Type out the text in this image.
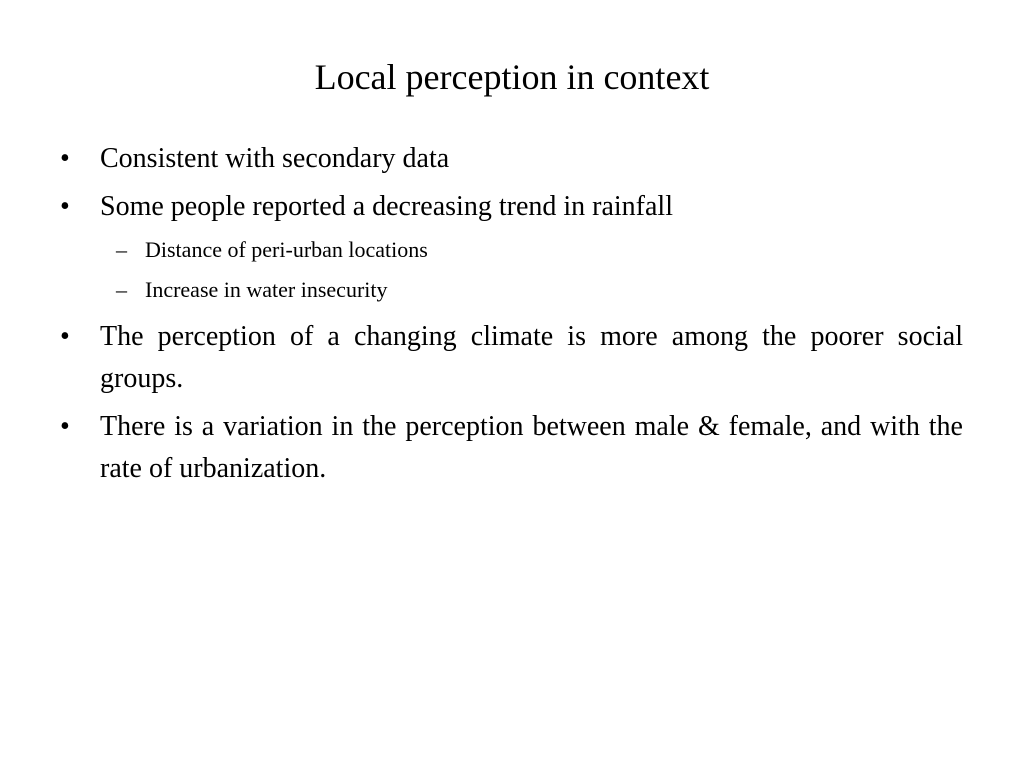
Local perception in context
• Consistent with secondary data
• Some people reported a decreasing trend in rainfall
– Distance of peri-urban locations
– Increase in water insecurity
• The perception of a changing climate is more among the poorer social groups.
• There is a variation in the perception between male & female, and with the rate of urbanization.
